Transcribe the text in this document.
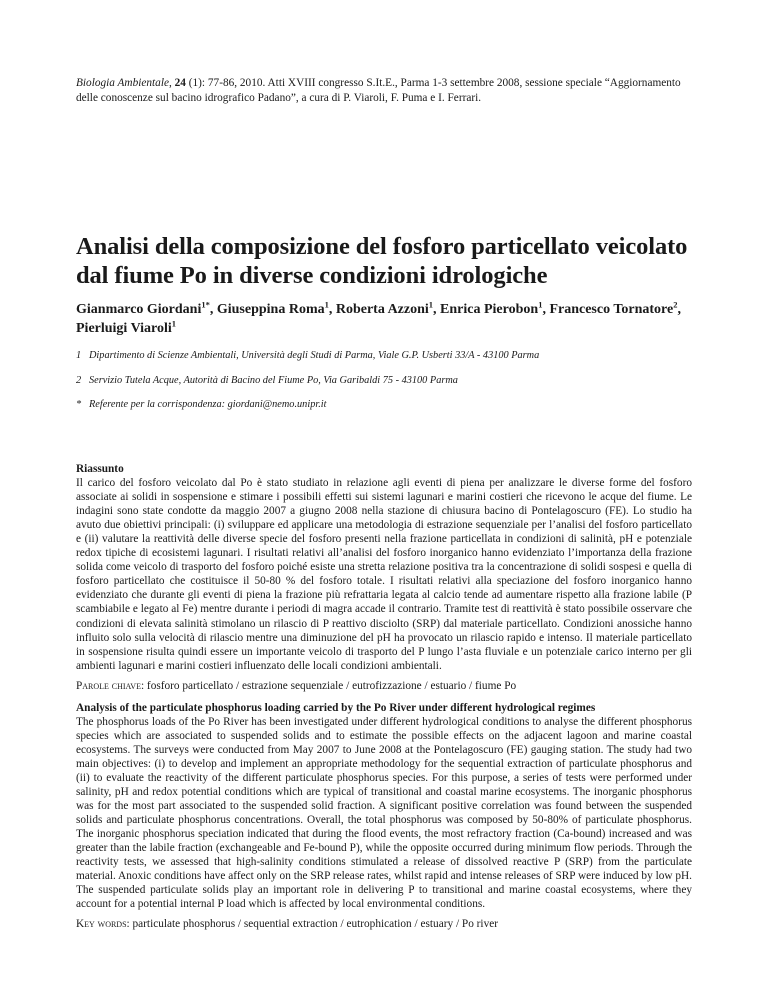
Biologia Ambientale, 24 (1): 77-86, 2010. Atti XVIII congresso S.It.E., Parma 1-3 settembre 2008, sessione speciale “Aggiornamento delle conoscenze sul bacino idrografico Padano”, a cura di P. Viaroli, F. Puma e I. Ferrari.
Analisi della composizione del fosforo particellato veicolato dal fiume Po in diverse condizioni idrologiche
Gianmarco Giordani$^{1*}$, Giuseppina Roma$^1$, Roberta Azzoni$^1$, Enrica Pierobon$^1$, Francesco Tornatore$^2$, Pierluigi Viaroli$^1$
1 Dipartimento di Scienze Ambientali, Università degli Studi di Parma, Viale G.P. Usberti 33/A - 43100 Parma
2 Servizio Tutela Acque, Autorità di Bacino del Fiume Po, Via Garibaldi 75 - 43100 Parma
* Referente per la corrispondenza: giordani@nemo.unipr.it

Riassunto

Il carico del fosforo veicolato dal Po è stato studiato in relazione agli eventi di piena per analizzare le diverse forme del fosforo associate ai solidi in sospensione e stimare i possibili effetti sui sistemi lagunari e marini costieri che ricevono le acque del fiume. Le indagini sono state condotte da maggio 2007 a giugno 2008 nella stazione di chiusura bacino di Pontelagoscuro (FE). Lo studio ha avuto due obiettivi principali: (i) sviluppare ed applicare una metodologia di estrazione sequenziale per l’analisi del fosforo particellato e (ii) valutare la reattività delle diverse specie del fosforo presenti nella frazione particellata in condizioni di salinità, pH e potenziale redox tipiche di ecosistemi lagunari. I risultati relativi all’analisi del fosforo inorganico hanno evidenziato l’importanza della frazione solida come veicolo di trasporto del fosforo poiché esiste una stretta relazione positiva tra la concentrazione di solidi sospesi e quella di fosforo particellato che costituisce il 50-80 % del fosforo totale. I risultati relativi alla speciazione del fosforo inorganico hanno evidenziato che durante gli eventi di piena la frazione più refrattaria legata al calcio tende ad aumentare rispetto alla frazione labile (P scambiabile e legato al Fe) mentre durante i periodi di magra accade il contrario. Tramite test di reattività è stato possibile osservare che condizioni di elevata salinità stimolano un rilascio di P reattivo disciolto (SRP) dal materiale particellato. Condizioni anossiche hanno influito solo sulla velocità di rilascio mentre una diminuzione del pH ha provocato un rilascio rapido e intenso. Il materiale particellato in sospensione risulta quindi essere un importante veicolo di trasporto del P lungo l’asta fluviale e un potenziale carico interno per gli ambienti lagunari e marini costieri influenzato delle locali condizioni ambientali.

Parole chiave: fosforo particellato / estrazione sequenziale / eutrofizzazione / estuario / fiume Po

Analysis of the particulate phosphorus loading carried by the Po River under different hydrological regimes

The phosphorus loads of the Po River has been investigated under different hydrological conditions to analyse the different phosphorus species which are associated to suspended solids and to estimate the possible effects on the adjacent lagoon and marine coastal ecosystems. The surveys were conducted from May 2007 to June 2008 at the Pontelagoscuro (FE) gauging station. The study had two main objectives: (i) to develop and implement an appropriate methodology for the sequential extraction of particulate phosphorus and (ii) to evaluate the reactivity of the different particulate phosphorus species. For this purpose, a series of tests were performed under salinity, pH and redox potential conditions which are typical of transitional and coastal marine ecosystems. The inorganic phosphorus was for the most part associated to the suspended solid fraction. A significant positive correlation was found between the suspended solids and particulate phosphorus concentrations. Overall, the total phosphorus was composed by 50-80% of particulate phosphorus. The inorganic phosphorus speciation indicated that during the flood events, the most refractory fraction (Ca-bound) increased and was greater than the labile fraction (exchangeable and Fe-bound P), while the opposite occurred during minimum flow periods. Through the reactivity tests, we assessed that high-salinity conditions stimulated a release of dissolved reactive P (SRP) from the particulate material. Anoxic conditions have affect only on the SRP release rates, whilst rapid and intense releases of SRP were induced by low pH. The suspended particulate solids play an important role in delivering P to transitional and marine coastal ecosystems, where they account for a potential internal P load which is affected by local environmental conditions.

Key words: particulate phosphorus / sequential extraction / eutrophication / estuary / Po river
